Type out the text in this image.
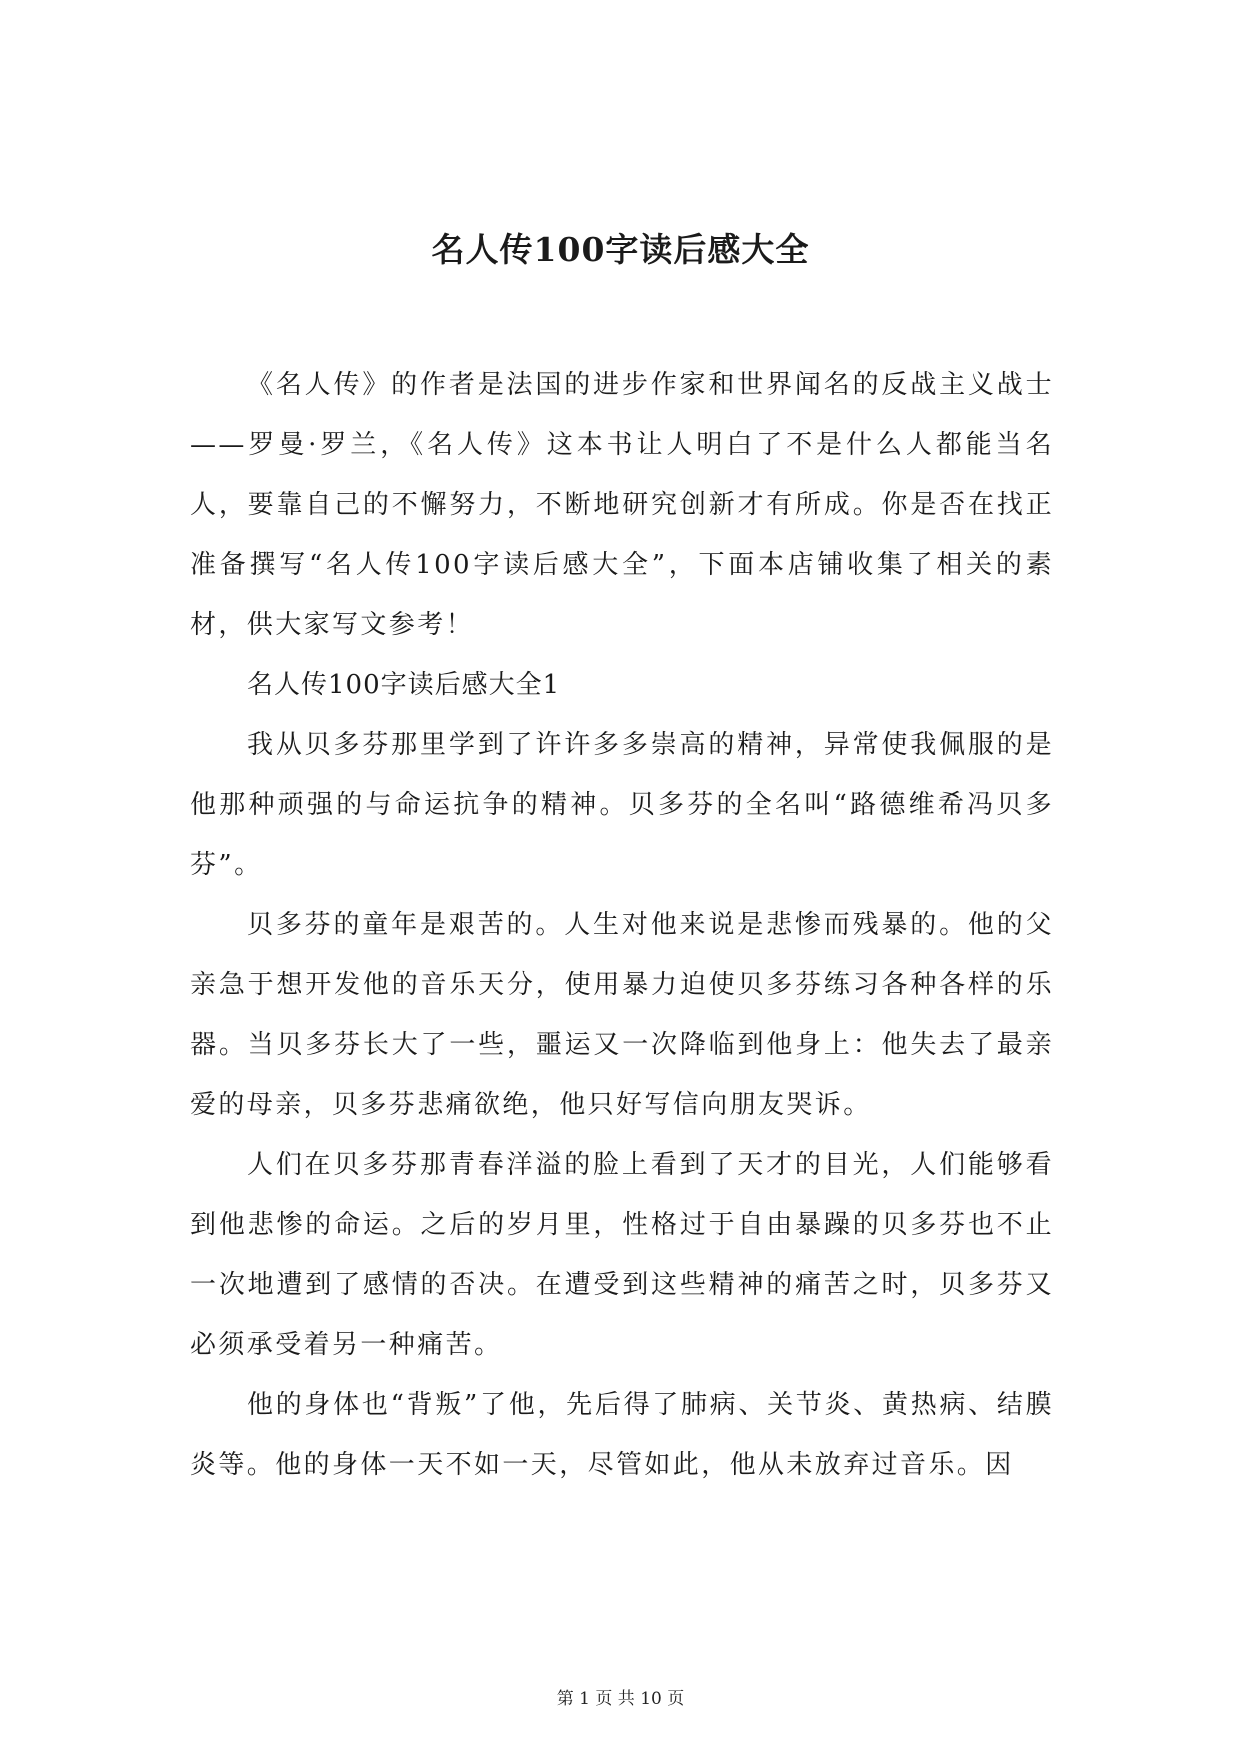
名人传100字读后感大全

《名人传》的作者是法国的进步作家和世界闻名的反战主义战士——罗曼·罗兰，《名人传》这本书让人明白了不是什么人都能当名人，要靠自己的不懈努力，不断地研究创新才有所成。你是否在找正准备撰写“名人传100字读后感大全”，下面本店铺收集了相关的素材，供大家写文参考！

名人传100字读后感大全1

我从贝多芬那里学到了许许多多崇高的精神，异常使我佩服的是他那种顽强的与命运抗争的精神。贝多芬的全名叫“路德维希冯贝多芬”。

贝多芬的童年是艰苦的。人生对他来说是悲惨而残暴的。他的父亲急于想开发他的音乐天分，使用暴力迫使贝多芬练习各种各样的乐器。当贝多芬长大了一些，噩运又一次降临到他身上：他失去了最亲爱的母亲，贝多芬悲痛欲绝，他只好写信向朋友哭诉。

人们在贝多芬那青春洋溢的脸上看到了天才的目光，人们能够看到他悲惨的命运。之后的岁月里，性格过于自由暴躁的贝多芬也不止一次地遭到了感情的否决。在遭受到这些精神的痛苦之时，贝多芬又必须承受着另一种痛苦。

他的身体也“背叛”了他，先后得了肺病、关节炎、黄热病、结膜炎等。他的身体一天不如一天，尽管如此，他从未放弃过音乐。因

第 1 页 共 10 页
